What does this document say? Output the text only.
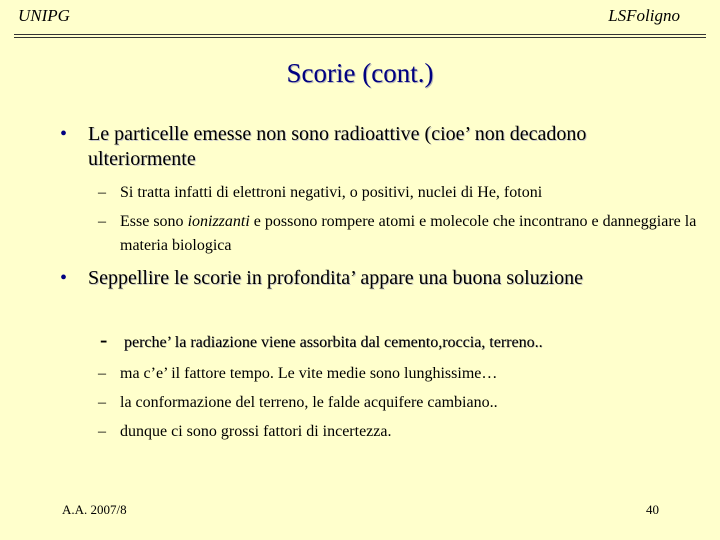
UNIPG	LSFoligno
Scorie (cont.)
• Le particelle emesse non sono radioattive (cioe’ non decadono ulteriormente
– Si tratta infatti di elettroni negativi, o positivi, nuclei di He, fotoni
– Esse sono ionizzanti e possono rompere atomi e molecole che incontrano e danneggiare la materia biologica
• Seppellire le scorie in profondita’ appare una buona soluzione
- perche’ la radiazione viene assorbita dal cemento,roccia, terreno..
– ma c’e’ il fattore tempo. Le vite medie sono lunghissime…
– la conformazione del terreno, le falde acquifere cambiano..
– dunque ci sono grossi fattori di incertezza.
A.A. 2007/8	40
